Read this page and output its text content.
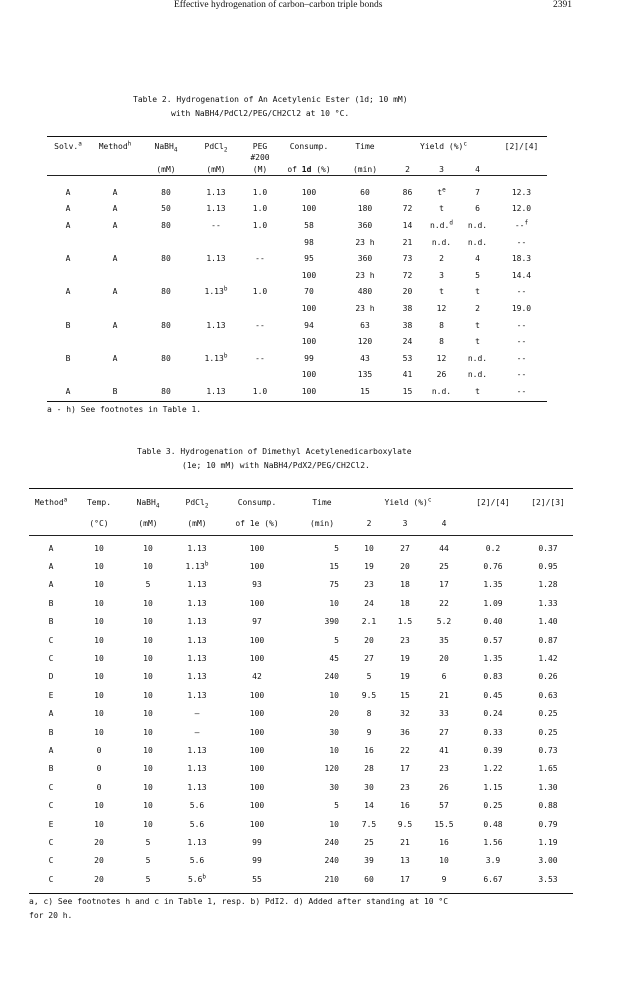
Effective hydrogenation of carbon–carbon triple bonds	2391
Table 2. Hydrogenation of An Acetylenic Ester (1d; 10 mM)
with NaBH4/PdCl2/PEG/CH2Cl2 at 10 °C.
Solv.$^a$	Method$^h$	NaBH$_4$	PdCl$_2$	PEG	Consump.	Time	Yield (%)$^c$			[2]/[4]
				#200						
		(mM)	(mM)	(M)	of 1d (%)	(min)	2	3	4	
A	A	80	1.13	1.0	100	60	86	$t^e$	7	12.3
A	A	50	1.13	1.0	100	180	72	t	6	12.0
A	A	80	--	1.0	58	360	14	n.d.$^d$	n.d.	--$^f$
					98	23 h	21	n.d.	n.d.	--
A	A	80	1.13	--	95	360	73	2	4	18.3
					100	23 h	72	3	5	14.4
A	A	80	1.13$^b$	1.0	70	480	20	t	t	--
					100	23 h	38	12	2	19.0
B	A	80	1.13	--	94	63	38	8	t	--
					100	120	24	8	t	--
B	A	80	1.13$^b$	--	99	43	53	12	n.d.	--
					100	135	41	26	n.d.	--
A	B	80	1.13	1.0	100	15	15	n.d.	t	--
a - h) See footnotes in Table 1.
Table 3. Hydrogenation of Dimethyl Acetylenedicarboxylate
(1e; 10 mM) with NaBH4/PdX2/PEG/CH2Cl2.
Method$^a$	Temp.	NaBH$_4$	PdCl$_2$	Consump.	Time	Yield (%)$^c$			[2]/[4]	[2]/[3]
	(°C)	(mM)	(mM)	of 1e (%)	(min)	2	3	4		
A	10	10	1.13	100	5	10	27	44	0.2	0.37
A	10	10	1.13$^b$	100	15	19	20	25	0.76	0.95
A	10	5	1.13	93	75	23	18	17	1.35	1.28
B	10	10	1.13	100	10	24	18	22	1.09	1.33
B	10	10	1.13	97	390	2.1	1.5	5.2	0.40	1.40
C	10	10	1.13	100	5	20	23	35	0.57	0.87
C	10	10	1.13	100	45	27	19	20	1.35	1.42
D	10	10	1.13	42	240	5	19	6	0.83	0.26
E	10	10	1.13	100	10	9.5	15	21	0.45	0.63
A	10	10	—	100	20	8	32	33	0.24	0.25
B	10	10	—	100	30	9	36	27	0.33	0.25
A	0	10	1.13	100	10	16	22	41	0.39	0.73
B	0	10	1.13	100	120	28	17	23	1.22	1.65
C	0	10	1.13	100	30	30	23	26	1.15	1.30
C	10	10	5.6	100	5	14	16	57	0.25	0.88
E	10	10	5.6	100	10	7.5	9.5	15.5	0.48	0.79
C	20	5	1.13	99	240	25	21	16	1.56	1.19
C	20	5	5.6	99	240	39	13	10	3.9	3.00
C	20	5	5.6$^b$	55	210	60	17	9	6.67	3.53
a, c) See footnotes h and c in Table 1, resp. b) PdI2. d) Added after standing at 10 °C
for 20 h.
